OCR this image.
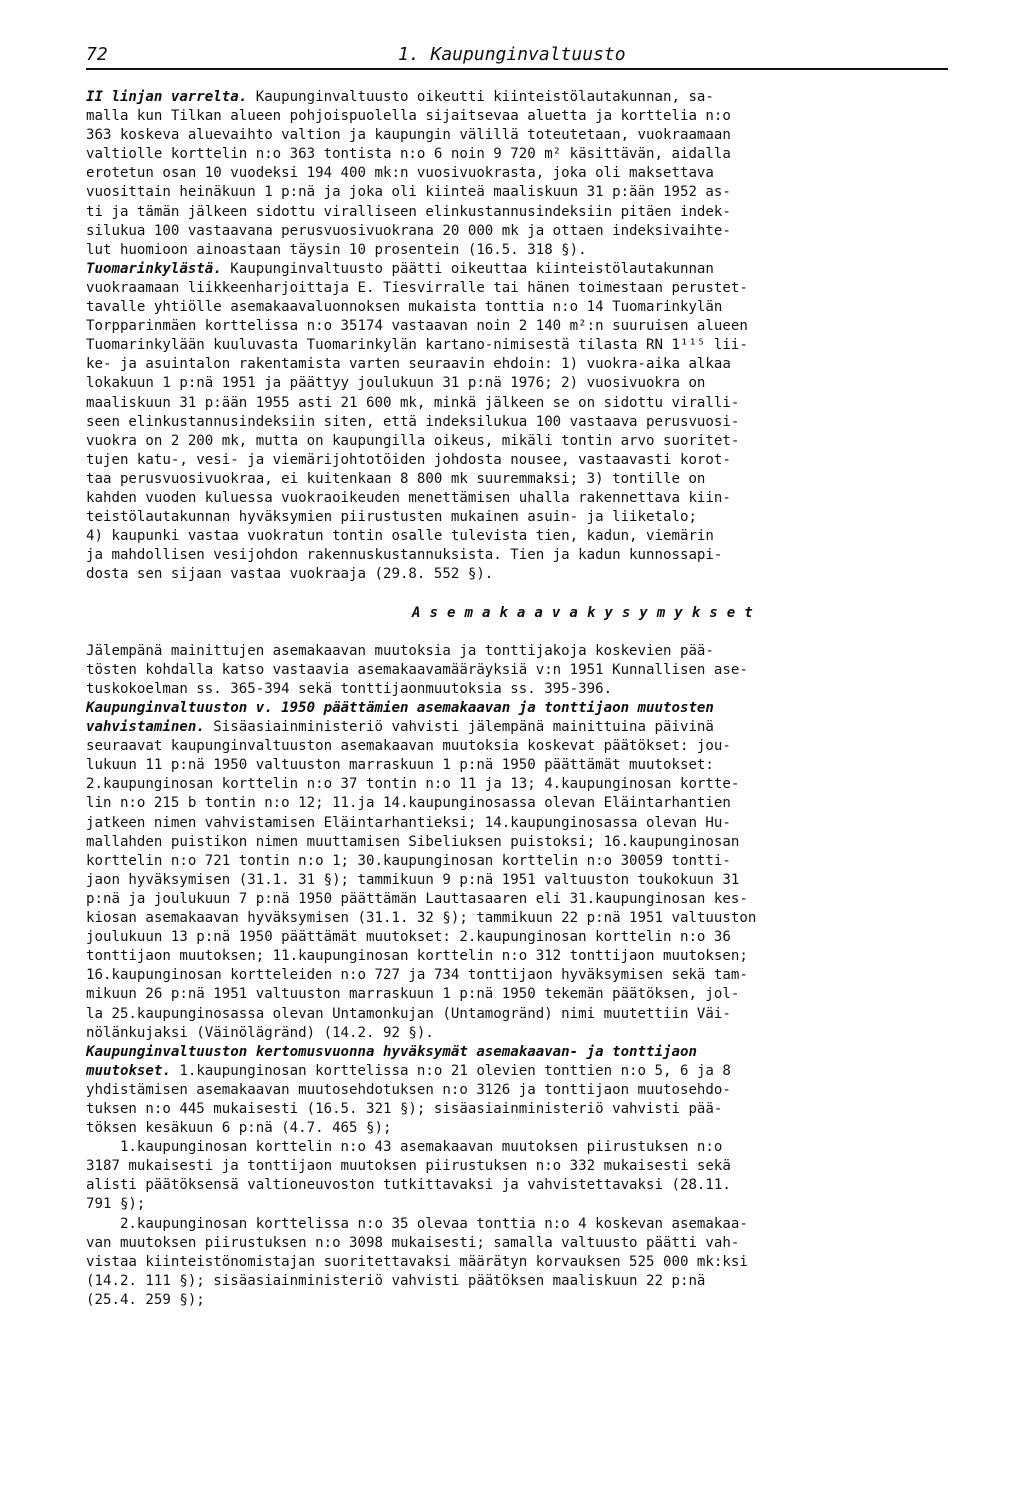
72	1. Kaupunginvaltuusto
II linjan varrelta. Kaupunginvaltuusto oikeutti kiinteistölautakunnan, sa-
malla kun Tilkan alueen pohjoispuolella sijaitsevaa aluetta ja korttelia n:o
363 koskeva aluevaihto valtion ja kaupungin välillä toteutetaan, vuokraamaan
valtiolle korttelin n:o 363 tontista n:o 6 noin 9 720 m² käsittävän, aidalla
erotetun osan 10 vuodeksi 194 400 mk:n vuosivuokrasta, joka oli maksettava
vuosittain heinäkuun 1 p:nä ja joka oli kiinteä maaliskuun 31 p:ään 1952 as-
ti ja tämän jälkeen sidottu viralliseen elinkustannusindeksiin pitäen indek-
silukua 100 vastaavana perusvuosivuokrana 20 000 mk ja ottaen indeksivaihte-
lut huomioon ainoastaan täysin 10 prosentein (16.5. 318 §).
Tuomarinkylästä. Kaupunginvaltuusto päätti oikeuttaa kiinteistölautakunnan
vuokraamaan liikkeenharjoittaja E. Tiesvirralle tai hänen toimestaan perustet-
tavalle yhtiölle asemakaavaluonnoksen mukaista tonttia n:o 14 Tuomarinkylän
Torpparinmäen korttelissa n:o 35174 vastaavan noin 2 140 m²:n suuruisen alueen
Tuomarinkylään kuuluvasta Tuomarinkylän kartano-nimisestä tilasta RN 1¹¹⁵ lii-
ke- ja asuintalon rakentamista varten seuraavin ehdoin: 1) vuokra-aika alkaa
lokakuun 1 p:nä 1951 ja päättyy joulukuun 31 p:nä 1976; 2) vuosivuokra on
maaliskuun 31 p:ään 1955 asti 21 600 mk, minkä jälkeen se on sidottu viralli-
seen elinkustannusindeksiin siten, että indeksilukua 100 vastaava perusvuosi-
vuokra on 2 200 mk, mutta on kaupungilla oikeus, mikäli tontin arvo suoritet-
tujen katu-, vesi- ja viemärijohtotöiden johdosta nousee, vastaavasti korot-
taa perusvuosivuokraa, ei kuitenkaan 8 800 mk suuremmaksi; 3) tontille on
kahden vuoden kuluessa vuokraoikeuden menettämisen uhalla rakennettava kiin-
teistölautakunnan hyväksymien piirustusten mukainen asuin- ja liiketalo;
4) kaupunki vastaa vuokratun tontin osalle tulevista tien, kadun, viemärin
ja mahdollisen vesijohdon rakennuskustannuksista. Tien ja kadun kunnossapi-
dosta sen sijaan vastaa vuokraaja (29.8. 552 §).
Asemakaavakysymykset
Jälempänä mainittujen asemakaavan muutoksia ja tonttijakoja koskevien pää-
tösten kohdalla katso vastaavia asemakaavamääräyksiä v:n 1951 Kunnallisen ase-
tuskokoelman ss. 365-394 sekä tonttijaonmuutoksia ss. 395-396.
Kaupunginvaltuuston v. 1950 päättämien asemakaavan ja tonttijaon muutosten
vahvistaminen. Sisäasiainministeriö vahvisti jälempänä mainittuina päivinä
seuraavat kaupunginvaltuuston asemakaavan muutoksia koskevat päätökset: jou-
lukuun 11 p:nä 1950 valtuuston marraskuun 1 p:nä 1950 päättämät muutokset:
2.kaupunginosan korttelin n:o 37 tontin n:o 11 ja 13; 4.kaupunginosan kortte-
lin n:o 215 b tontin n:o 12; 11.ja 14.kaupunginosassa olevan Eläintarhantien
jatkeen nimen vahvistamisen Eläintarhantieksi; 14.kaupunginosassa olevan Hu-
mallahden puistikon nimen muuttamisen Sibeliuksen puistoksi; 16.kaupunginosan
korttelin n:o 721 tontin n:o 1; 30.kaupunginosan korttelin n:o 30059 tontti-
jaon hyväksymisen (31.1. 31 §); tammikuun 9 p:nä 1951 valtuuston toukokuun 31
p:nä ja joulukuun 7 p:nä 1950 päättämän Lauttasaaren eli 31.kaupunginosan kes-
kiosan asemakaavan hyväksymisen (31.1. 32 §); tammikuun 22 p:nä 1951 valtuuston
joulukuun 13 p:nä 1950 päättämät muutokset: 2.kaupunginosan korttelin n:o 36
tonttijaon muutoksen; 11.kaupunginosan korttelin n:o 312 tonttijaon muutoksen;
16.kaupunginosan kortteleiden n:o 727 ja 734 tonttijaon hyväksymisen sekä tam-
mikuun 26 p:nä 1951 valtuuston marraskuun 1 p:nä 1950 tekemän päätöksen, jol-
la 25.kaupunginosassa olevan Untamonkujan (Untamogränd) nimi muutettiin Väi-
nölänkujaksi (Väinölägränd) (14.2. 92 §).
Kaupunginvaltuuston kertomusvuonna hyväksymät asemakaavan- ja tonttijaon
muutokset. 1.kaupunginosan korttelissa n:o 21 olevien tonttien n:o 5, 6 ja 8
yhdistämisen asemakaavan muutosehdotuksen n:o 3126 ja tonttijaon muutosehdo-
tuksen n:o 445 mukaisesti (16.5. 321 §); sisäasiainministeriö vahvisti pää-
töksen kesäkuun 6 p:nä (4.7. 465 §);
1.kaupunginosan korttelin n:o 43 asemakaavan muutoksen piirustuksen n:o
3187 mukaisesti ja tonttijaon muutoksen piirustuksen n:o 332 mukaisesti sekä
alisti päätöksensä valtioneuvoston tutkittavaksi ja vahvistettavaksi (28.11.
791 §);
2.kaupunginosan korttelissa n:o 35 olevaa tonttia n:o 4 koskevan asemakaa-
van muutoksen piirustuksen n:o 3098 mukaisesti; samalla valtuusto päätti vah-
vistaa kiinteistönomistajan suoritettavaksi määrätyn korvauksen 525 000 mk:ksi
(14.2. 111 §); sisäasiainministeriö vahvisti päätöksen maaliskuun 22 p:nä
(25.4. 259 §);
